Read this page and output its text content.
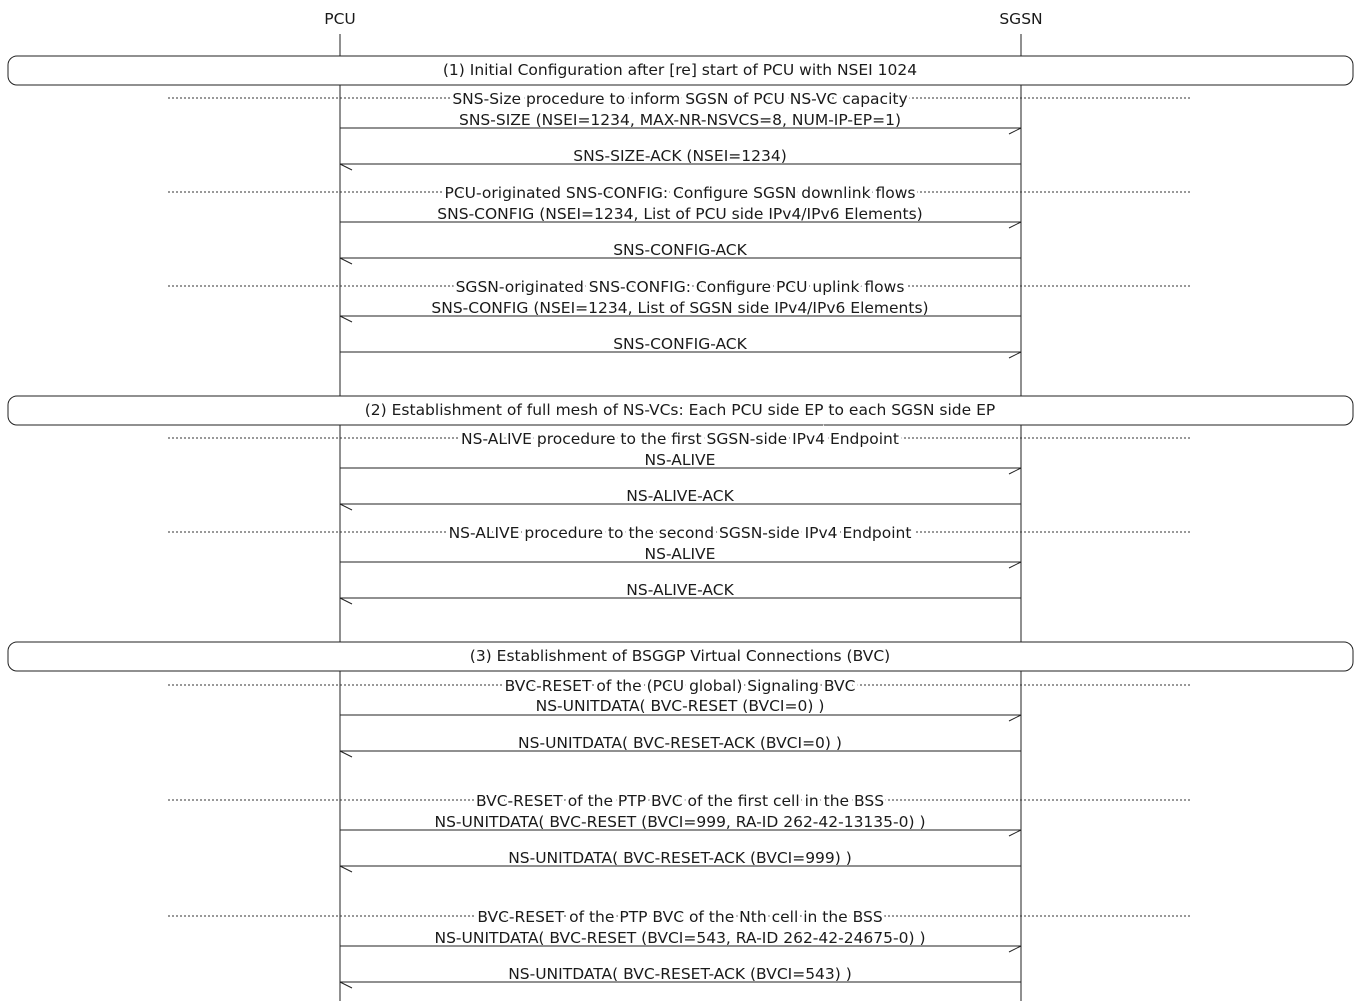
PCU	SGSN
(1) Initial Configuration after [re] start of PCU with NSEI 1024
SNS-Size procedure to inform SGSN of PCU NS-VC capacity
SNS-SIZE (NSEI=1234, MAX-NR-NSVCS=8, NUM-IP-EP=1)
SNS-SIZE-ACK (NSEI=1234)
PCU-originated SNS-CONFIG: Configure SGSN downlink flows
SNS-CONFIG (NSEI=1234, List of PCU side IPv4/IPv6 Elements)
SNS-CONFIG-ACK
SGSN-originated SNS-CONFIG: Configure PCU uplink flows
SNS-CONFIG (NSEI=1234, List of SGSN side IPv4/IPv6 Elements)
SNS-CONFIG-ACK
(2) Establishment of full mesh of NS-VCs: Each PCU side EP to each SGSN side EP
NS-ALIVE procedure to the first SGSN-side IPv4 Endpoint
NS-ALIVE
NS-ALIVE-ACK
NS-ALIVE procedure to the second SGSN-side IPv4 Endpoint
NS-ALIVE
NS-ALIVE-ACK
(3) Establishment of BSGGP Virtual Connections (BVC)
BVC-RESET of the (PCU global) Signaling BVC
NS-UNITDATA( BVC-RESET (BVCI=0) )
NS-UNITDATA( BVC-RESET-ACK (BVCI=0) )
BVC-RESET of the PTP BVC of the first cell in the BSS
NS-UNITDATA( BVC-RESET (BVCI=999, RA-ID 262-42-13135-0) )
NS-UNITDATA( BVC-RESET-ACK (BVCI=999) )
BVC-RESET of the PTP BVC of the Nth cell in the BSS
NS-UNITDATA( BVC-RESET (BVCI=543, RA-ID 262-42-24675-0) )
NS-UNITDATA( BVC-RESET-ACK (BVCI=543) )
